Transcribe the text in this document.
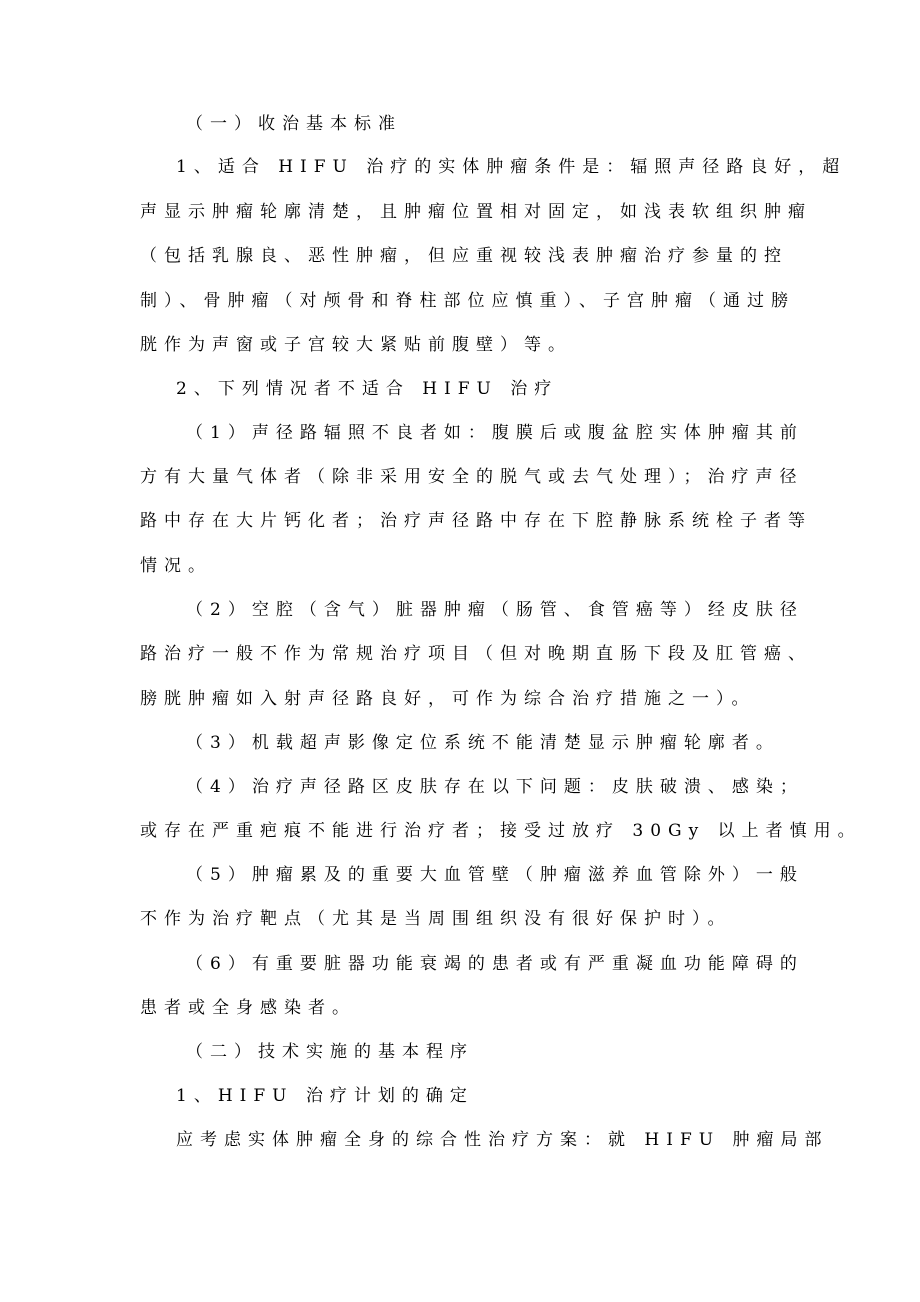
（一）收治基本标准
1、适合 HIFU 治疗的实体肿瘤条件是：辐照声径路良好，超
声显示肿瘤轮廓清楚，且肿瘤位置相对固定，如浅表软组织肿瘤
（包括乳腺良、恶性肿瘤，但应重视较浅表肿瘤治疗参量的控
制）、骨肿瘤（对颅骨和脊柱部位应慎重）、子宫肿瘤（通过膀
胱作为声窗或子宫较大紧贴前腹壁）等。
2、下列情况者不适合 HIFU 治疗
（1）声径路辐照不良者如：腹膜后或腹盆腔实体肿瘤其前
方有大量气体者（除非采用安全的脱气或去气处理）；治疗声径
路中存在大片钙化者；治疗声径路中存在下腔静脉系统栓子者等
情况。
（2）空腔（含气）脏器肿瘤（肠管、食管癌等）经皮肤径
路治疗一般不作为常规治疗项目（但对晚期直肠下段及肛管癌、
膀胱肿瘤如入射声径路良好，可作为综合治疗措施之一）。
（3）机载超声影像定位系统不能清楚显示肿瘤轮廓者。
（4）治疗声径路区皮肤存在以下问题：皮肤破溃、感染；
或存在严重疤痕不能进行治疗者；接受过放疗 30Gy 以上者慎用。
（5）肿瘤累及的重要大血管壁（肿瘤滋养血管除外）一般
不作为治疗靶点（尤其是当周围组织没有很好保护时）。
（6）有重要脏器功能衰竭的患者或有严重凝血功能障碍的
患者或全身感染者。
（二）技术实施的基本程序
1、HIFU 治疗计划的确定
应考虑实体肿瘤全身的综合性治疗方案：就 HIFU 肿瘤局部
